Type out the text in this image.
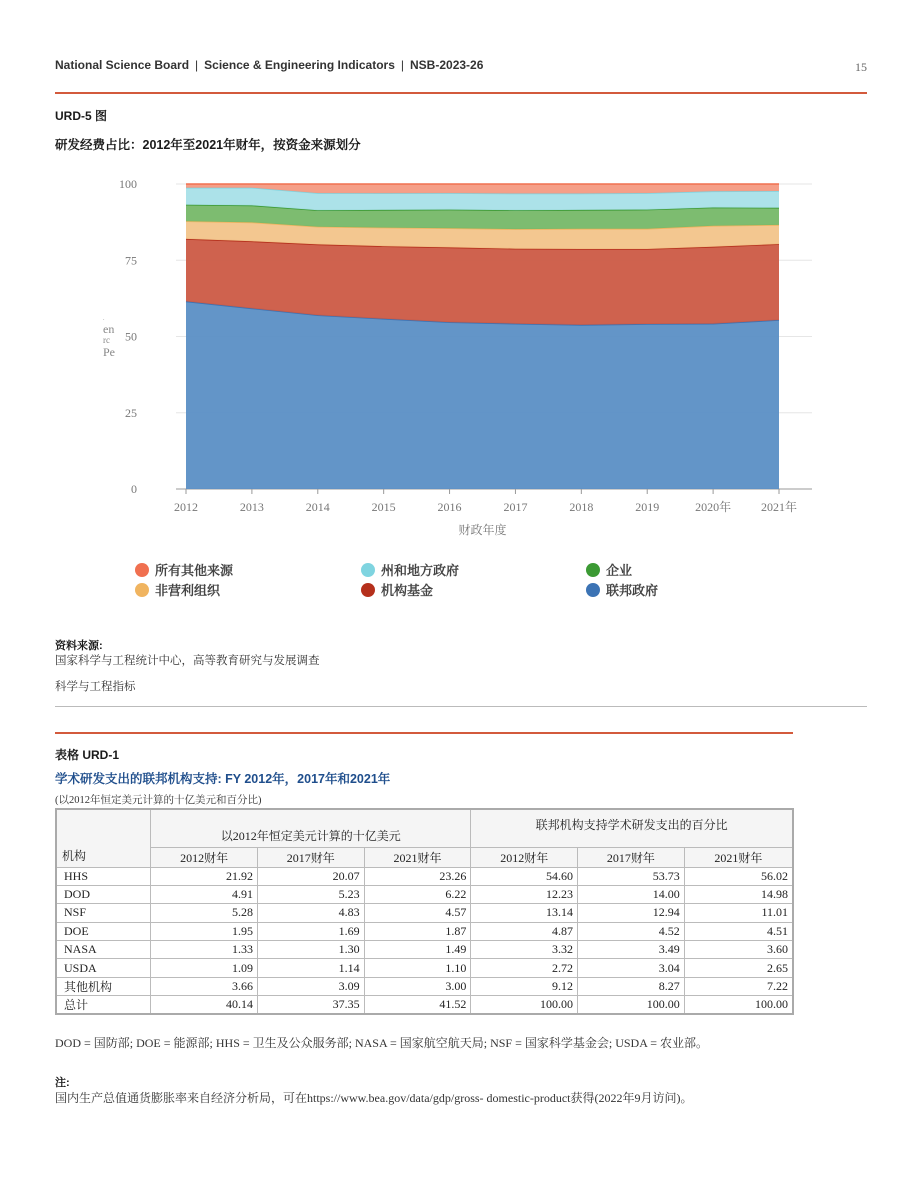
National Science Board | Science & Engineering Indicators | NSB-2023-26	15
URD-5 图
研发经费占比：2012年至2021年财年，按资金来源划分
.
en
rc
Pe
0
25
50
75
100
2012	2013	2014	2015	2016	2017	2018	2019	2020年 2021年
财政年度
所有其他来源	州和地方政府	企业
非营利组织	机构基金	联邦政府
资料来源:
国家科学与工程统计中心，高等教育研究与发展调查
科学与工程指标
表格 URD-1
学术研发支出的联邦机构支持: FY 2012年，2017年和2021年
(以2012年恒定美元计算的十亿美元和百分比)
机构	以2012年恒定美元计算的十亿美元			联邦机构支持学术研发支出的百分比		
	2012财年	2017财年	2021财年	2012财年	2017财年	2021财年
HHS	21.92	20.07	23.26	54.60	53.73	56.02
DOD	4.91	5.23	6.22	12.23	14.00	14.98
NSF	5.28	4.83	4.57	13.14	12.94	11.01
DOE	1.95	1.69	1.87	4.87	4.52	4.51
NASA	1.33	1.30	1.49	3.32	3.49	3.60
USDA	1.09	1.14	1.10	2.72	3.04	2.65
其他机构	3.66	3.09	3.00	9.12	8.27	7.22
总计	40.14	37.35	41.52	100.00	100.00	100.00
DOD = 国防部; DOE = 能源部; HHS = 卫生及公众服务部; NASA = 国家航空航天局; NSF = 国家科学基金会; USDA = 农业部。
注:
国内生产总值通货膨胀率来自经济分析局，可在https://www.bea.gov/data/gdp/gross- domestic-product获得(2022年9月访问)。
